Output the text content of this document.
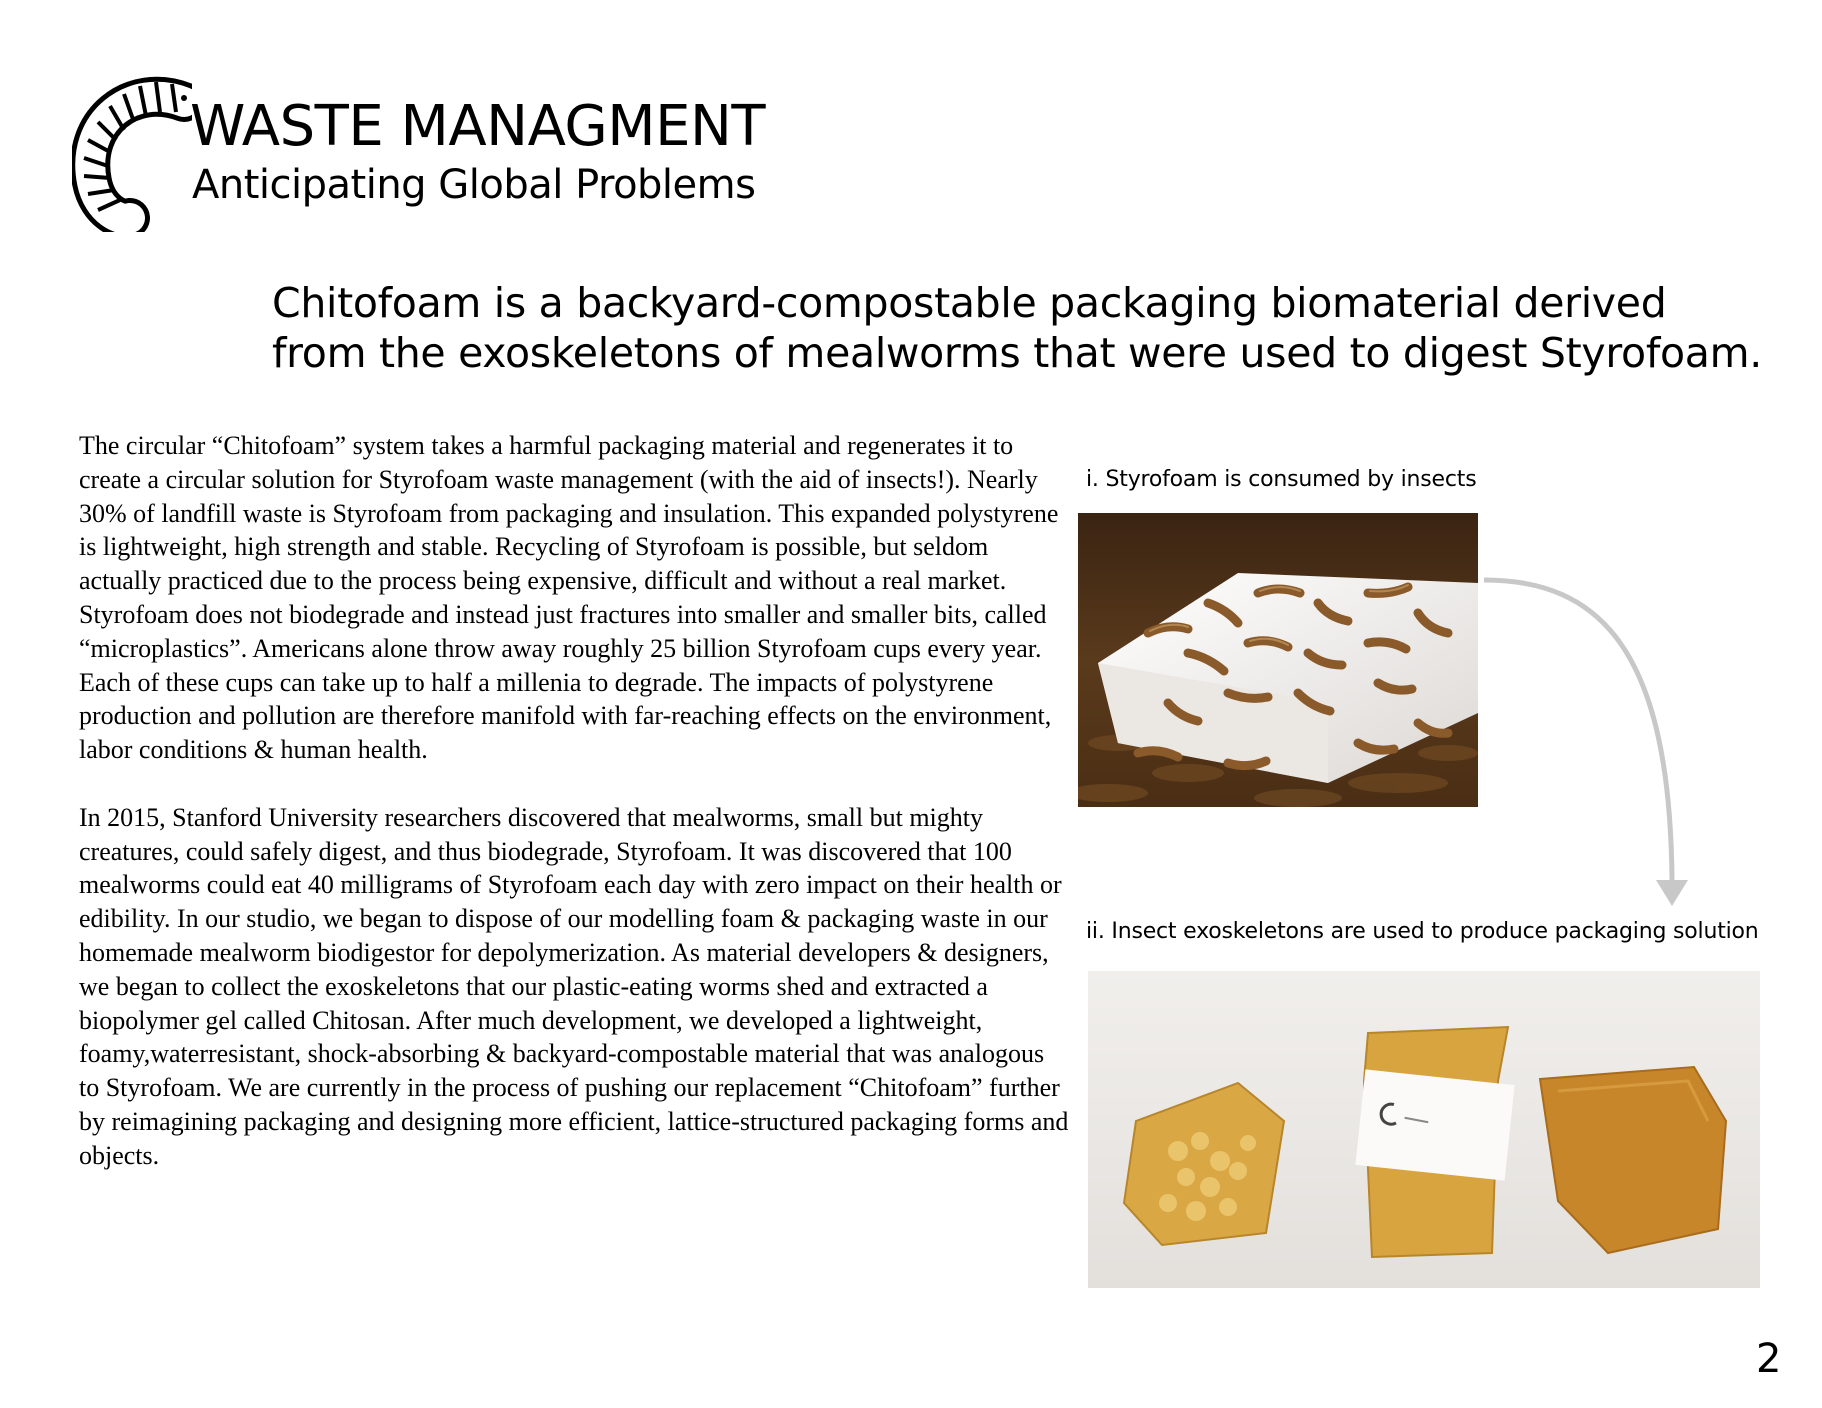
WASTE MANAGMENT
Anticipating Global Problems
Chitofoam is a backyard-compostable packaging biomaterial derived
from the exoskeletons of mealworms that were used to digest Styrofoam.

The circular “Chitofoam” system takes a harmful packaging material and regenerates it to create a circular solution for Styrofoam waste management (with the aid of insects!). Nearly 30% of landfill waste is Styrofoam from packaging and insulation. This expanded polystyrene is lightweight, high strength and stable. Recycling of Styrofoam is possible, but seldom actually practiced due to the process being expensive, difficult and without a real market. Styrofoam does not biodegrade and instead just fractures into smaller and smaller bits, called “microplastics”. Americans alone throw away roughly 25 billion Styrofoam cups every year. Each of these cups can take up to half a millenia to degrade. The impacts of polystyrene production and pollution are therefore manifold with far-reaching effects on the environment, labor conditions & human health.

In 2015, Stanford University researchers discovered that mealworms, small but mighty creatures, could safely digest, and thus biodegrade, Styrofoam. It was discovered that 100 mealworms could eat 40 milligrams of Styrofoam each day with zero impact on their health or edibility. In our studio, we began to dispose of our modelling foam & packaging waste in our homemade mealworm biodigestor for depolymerization. As material developers & designers, we began to collect the exoskeletons that our plastic-eating worms shed and extracted a biopolymer gel called Chitosan. After much development, we developed a lightweight, foamy,waterresistant, shock-absorbing & backyard-compostable material that was analogous to Styrofoam. We are currently in the process of pushing our replacement “Chitofoam” further by reimagining packaging and designing more efficient, lattice-structured packaging forms and objects.

i. Styrofoam is consumed by insects
ii. Insect exoskeletons are used to produce packaging solution
2
